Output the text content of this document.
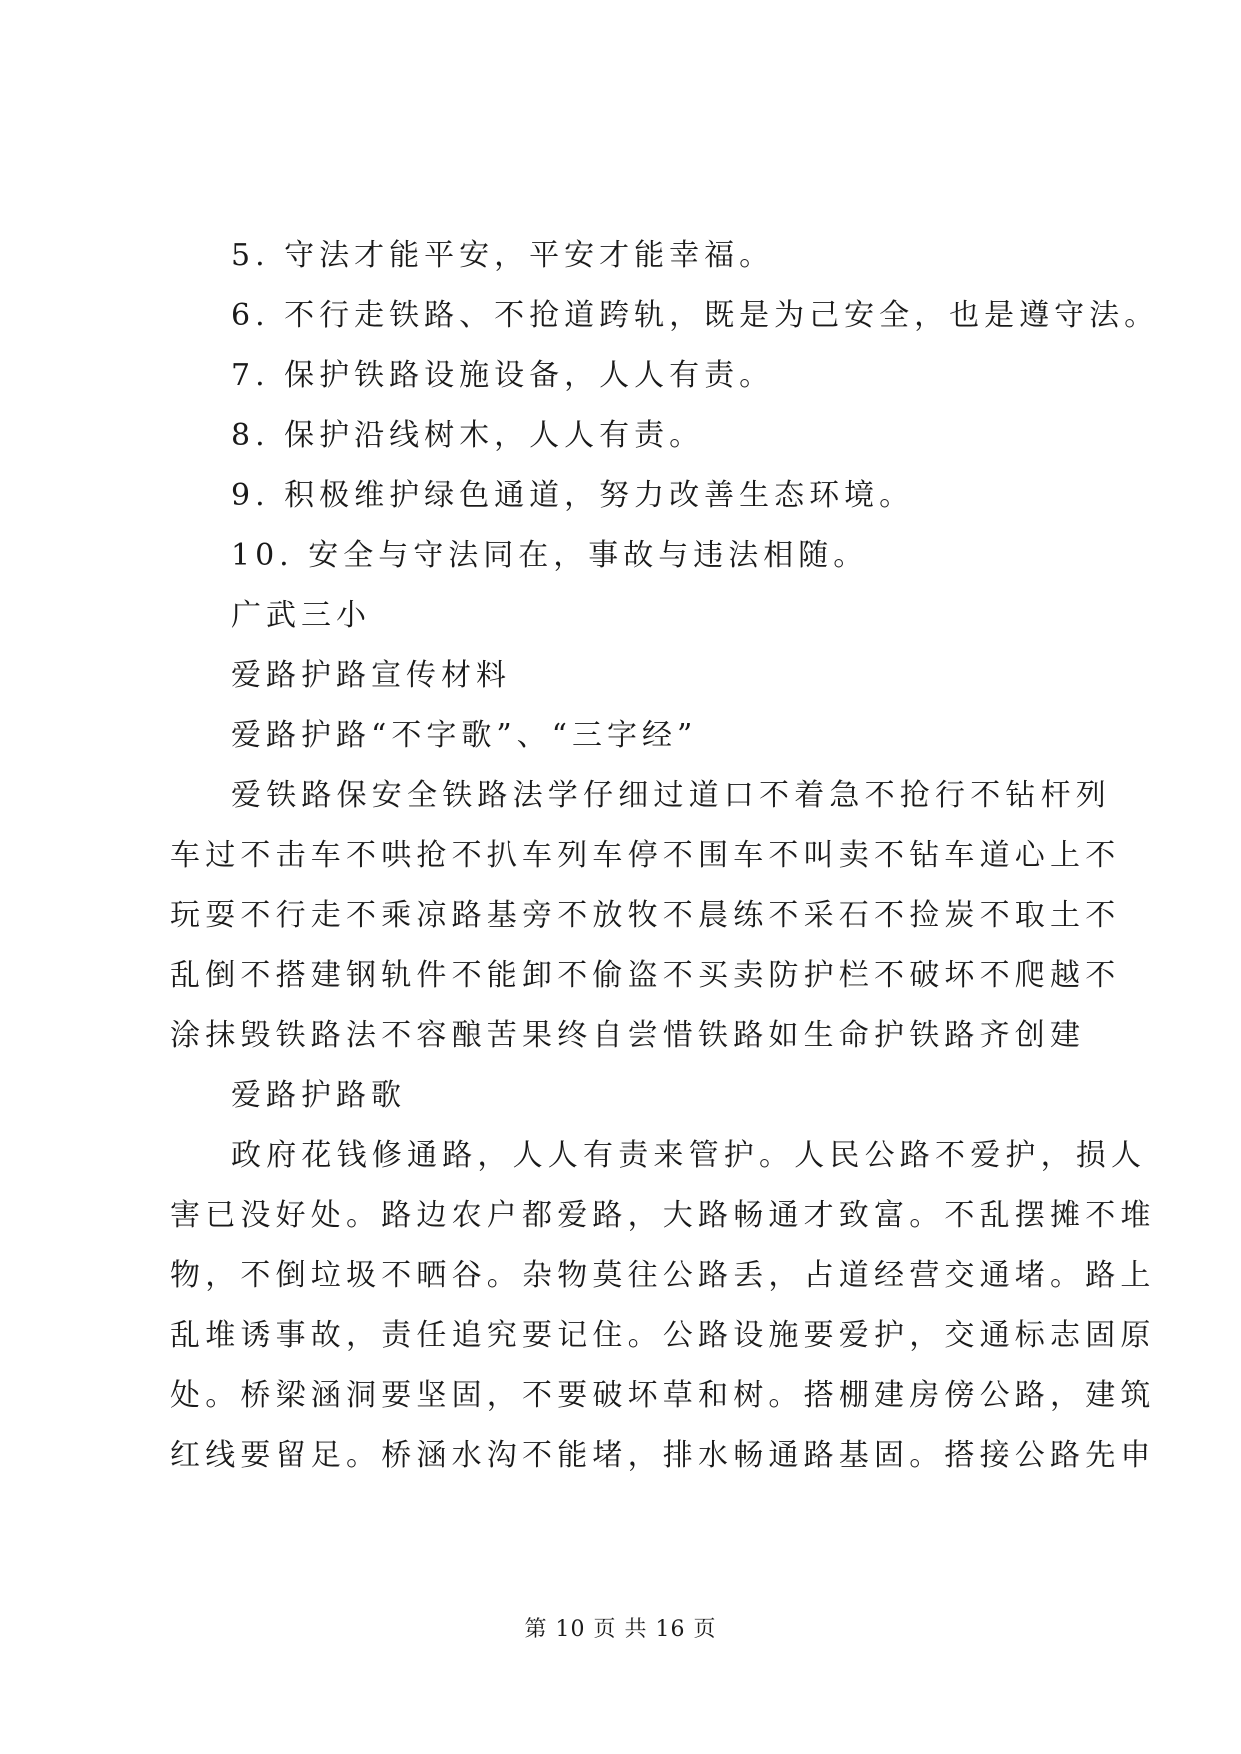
5. 守法才能平安，平安才能幸福。
6. 不行走铁路、不抢道跨轨，既是为己安全，也是遵守法。
7. 保护铁路设施设备，人人有责。
8. 保护沿线树木，人人有责。
9. 积极维护绿色通道，努力改善生态环境。
10. 安全与守法同在，事故与违法相随。
广武三小
爱路护路宣传材料
爱路护路“不字歌”、“三字经”
爱铁路保安全铁路法学仔细过道口不着急不抢行不钻杆列
车过不击车不哄抢不扒车列车停不围车不叫卖不钻车道心上不
玩耍不行走不乘凉路基旁不放牧不晨练不采石不捡炭不取土不
乱倒不搭建钢轨件不能卸不偷盗不买卖防护栏不破坏不爬越不
涂抹毁铁路法不容酿苦果终自尝惜铁路如生命护铁路齐创建
爱路护路歌
政府花钱修通路，人人有责来管护。人民公路不爱护，损人
害已没好处。路边农户都爱路，大路畅通才致富。不乱摆摊不堆
物，不倒垃圾不晒谷。杂物莫往公路丢，占道经营交通堵。路上
乱堆诱事故，责任追究要记住。公路设施要爱护，交通标志固原
处。桥梁涵洞要坚固，不要破坏草和树。搭棚建房傍公路，建筑
红线要留足。桥涵水沟不能堵，排水畅通路基固。搭接公路先申
第 10 页 共 16 页
